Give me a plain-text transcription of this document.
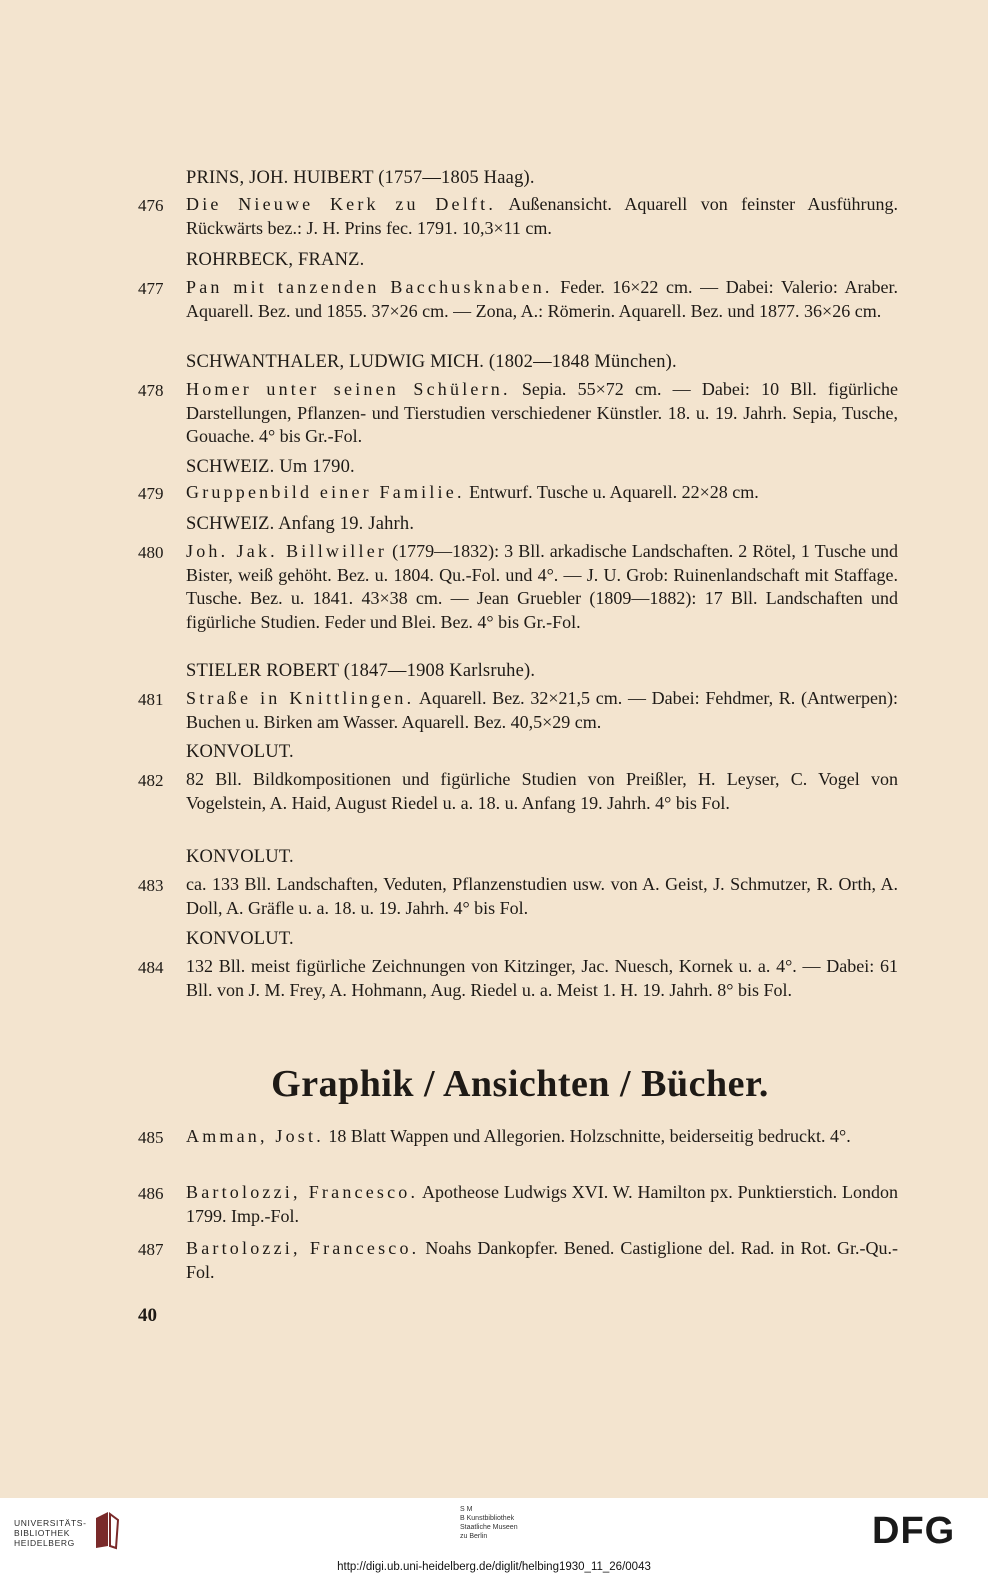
PRINS, JOH. HUIBERT (1757—1805 Haag).
476 Die Nieuwe Kerk zu Delft. Außenansicht. Aquarell von feinster Ausführung. Rückwärts bez.: J. H. Prins fec. 1791. 10,3×11 cm.
ROHRBECK, FRANZ.
477 Pan mit tanzenden Bacchusknaben. Feder. 16×22 cm. — Dabei: Valerio: Araber. Aquarell. Bez. und 1855. 37×26 cm. — Zona, A.: Römerin. Aquarell. Bez. und 1877. 36×26 cm.
SCHWANTHALER, LUDWIG MICH. (1802—1848 München).
478 Homer unter seinen Schülern. Sepia. 55×72 cm. — Dabei: 10 Bll. figürliche Darstellungen, Pflanzen- und Tierstudien verschiedener Künstler. 18. u. 19. Jahrh. Sepia, Tusche, Gouache. 4° bis Gr.-Fol.
SCHWEIZ. Um 1790.
479 Gruppenbild einer Familie. Entwurf. Tusche u. Aquarell. 22×28 cm.
SCHWEIZ. Anfang 19. Jahrh.
480 Joh. Jak. Billwiller (1779—1832): 3 Bll. arkadische Landschaften. 2 Rötel, 1 Tusche und Bister, weiß gehöht. Bez. u. 1804. Qu.-Fol. und 4°. — J. U. Grob: Ruinenlandschaft mit Staffage. Tusche. Bez. u. 1841. 43×38 cm. — Jean Gruebler (1809—1882): 17 Bll. Landschaften und figürliche Studien. Feder und Blei. Bez. 4° bis Gr.-Fol.
STIELER ROBERT (1847—1908 Karlsruhe).
481 Straße in Knittlingen. Aquarell. Bez. 32×21,5 cm. — Dabei: Fehdmer, R. (Antwerpen): Buchen u. Birken am Wasser. Aquarell. Bez. 40,5×29 cm.
KONVOLUT.
482 82 Bll. Bildkompositionen und figürliche Studien von Preißler, H. Leyser, C. Vogel von Vogelstein, A. Haid, August Riedel u. a. 18. u. Anfang 19. Jahrh. 4° bis Fol.
KONVOLUT.
483 ca. 133 Bll. Landschaften, Veduten, Pflanzenstudien usw. von A. Geist, J. Schmutzer, R. Orth, A. Doll, A. Gräfle u. a. 18. u. 19. Jahrh. 4° bis Fol.
KONVOLUT.
484 132 Bll. meist figürliche Zeichnungen von Kitzinger, Jac. Nuesch, Kornek u. a. 4°. — Dabei: 61 Bll. von J. M. Frey, A. Hohmann, Aug. Riedel u. a. Meist 1. H. 19. Jahrh. 8° bis Fol.
Graphik / Ansichten / Bücher.
485 Amman, Jost. 18 Blatt Wappen und Allegorien. Holzschnitte, beiderseitig bedruckt. 4°.
486 Bartolozzi, Francesco. Apotheose Ludwigs XVI. W. Hamilton px. Punktierstich. London 1799. Imp.-Fol.
487 Bartolozzi, Francesco. Noahs Dankopfer. Bened. Castiglione del. Rad. in Rot. Gr.-Qu.-Fol.
40
UNIVERSITÄTS-
BIBLIOTHEK
HEIDELBERG
S M
B Kunstbibliothek
Staatliche Museen
zu Berlin	DFG
http://digi.ub.uni-heidelberg.de/diglit/helbing1930_11_26/0043
